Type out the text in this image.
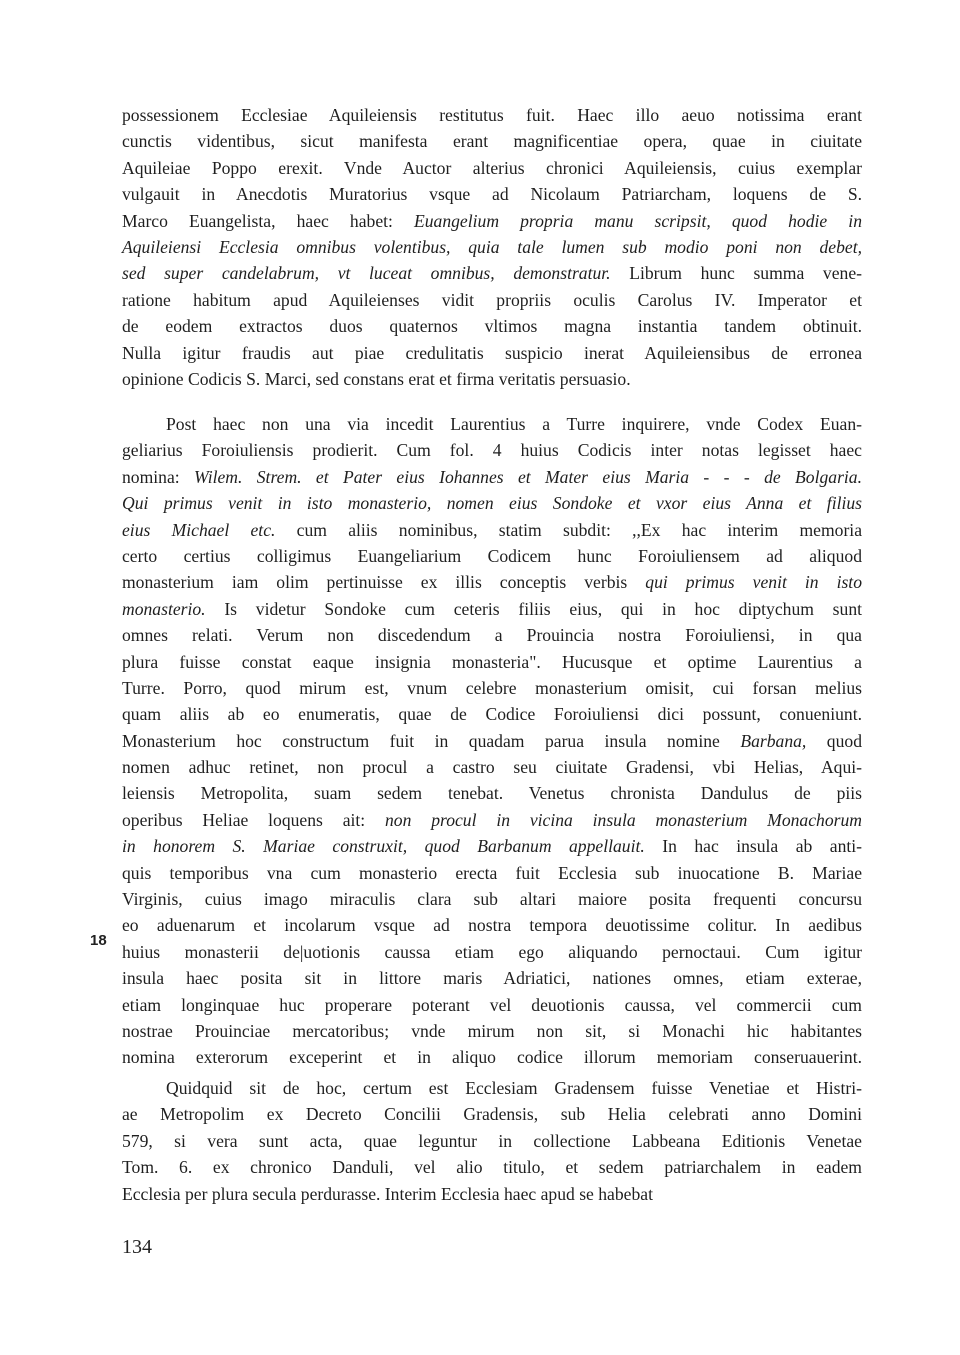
possessionem Ecclesiae Aquileiensis restitutus fuit. Haec illo aeuo notissima erant
cunctis videntibus, sicut manifesta erant magnificentiae opera, quae in ciuitate
Aquileiae Poppo erexit. Vnde Auctor alterius chronici Aquileiensis, cuius exemplar
vulgauit in Anecdotis Muratorius vsque ad Nicolaum Patriarcham, loquens de S.
Marco Euangelista, haec habet: Euangelium propria manu scripsit, quod hodie in
Aquileiensi Ecclesia omnibus volentibus, quia tale lumen sub modio poni non debet,
sed super candelabrum, vt luceat omnibus, demonstratur. Librum hunc summa vene-
ratione habitum apud Aquileienses vidit propriis oculis Carolus IV. Imperator et
de eodem extractos duos quaternos vltimos magna instantia tandem obtinuit.
Nulla igitur fraudis aut piae credulitatis suspicio inerat Aquileiensibus de erronea
opinione Codicis S. Marci, sed constans erat et firma veritatis persuasio.
Post haec non una via incedit Laurentius a Turre inquirere, vnde Codex Euan-
geliarius Foroiuliensis prodierit. Cum fol. 4 huius Codicis inter notas legisset haec
nomina: Wilem. Strem. et Pater eius Iohannes et Mater eius Maria - - - de Bolgaria.
Qui primus venit in isto monasterio, nomen eius Sondoke et vxor eius Anna et filius
eius Michael etc. cum aliis nominibus, statim subdit: ,,Ex hac interim memoria
certo certius colligimus Euangeliarium Codicem hunc Foroiuliensem ad aliquod
monasterium iam olim pertinuisse ex illis conceptis verbis qui primus venit in isto
monasterio. Is videtur Sondoke cum ceteris filiis eius, qui in hoc diptychum sunt
omnes relati. Verum non discedendum a Prouincia nostra Foroiuliensi, in qua
plura fuisse constat eaque insignia monasteria". Hucusque et optime Laurentius a
Turre. Porro, quod mirum est, vnum celebre monasterium omisit, cui forsan melius
quam aliis ab eo enumeratis, quae de Codice Foroiuliensi dici possunt, conueniunt.
Monasterium hoc constructum fuit in quadam parua insula nomine Barbana, quod
nomen adhuc retinet, non procul a castro seu ciuitate Gradensi, vbi Helias, Aqui-
leiensis Metropolita, suam sedem tenebat. Venetus chronista Dandulus de piis
operibus Heliae loquens ait: non procul in vicina insula monasterium Monachorum
in honorem S. Mariae construxit, quod Barbanum appellauit. In hac insula ab anti-
quis temporibus vna cum monasterio erecta fuit Ecclesia sub inuocatione B. Mariae
Virginis, cuius imago miraculis clara sub altari maiore posita frequenti concursu
eo aduenarum et incolarum vsque ad nostra tempora deuotissime colitur. In aedibus
huius monasterii de|uotionis caussa etiam ego aliquando pernoctaui. Cum igitur
insula haec posita sit in littore maris Adriatici, nationes omnes, etiam exterae,
etiam longinquae huc properare poterant vel deuotionis caussa, vel commercii cum
nostrae Prouinciae mercatoribus; vnde mirum non sit, si Monachi hic habitantes
nomina exterorum exceperint et in aliquo codice illorum memoriam conseruauerint.
Quidquid sit de hoc, certum est Ecclesiam Gradensem fuisse Venetiae et Histri-
ae Metropolim ex Decreto Concilii Gradensis, sub Helia celebrati anno Domini
579, si vera sunt acta, quae leguntur in collectione Labbeana Editionis Venetae
Tom. 6. ex chronico Danduli, vel alio titulo, et sedem patriarchalem in eadem
Ecclesia per plura secula perdurasse. Interim Ecclesia haec apud se habebat
18
134
